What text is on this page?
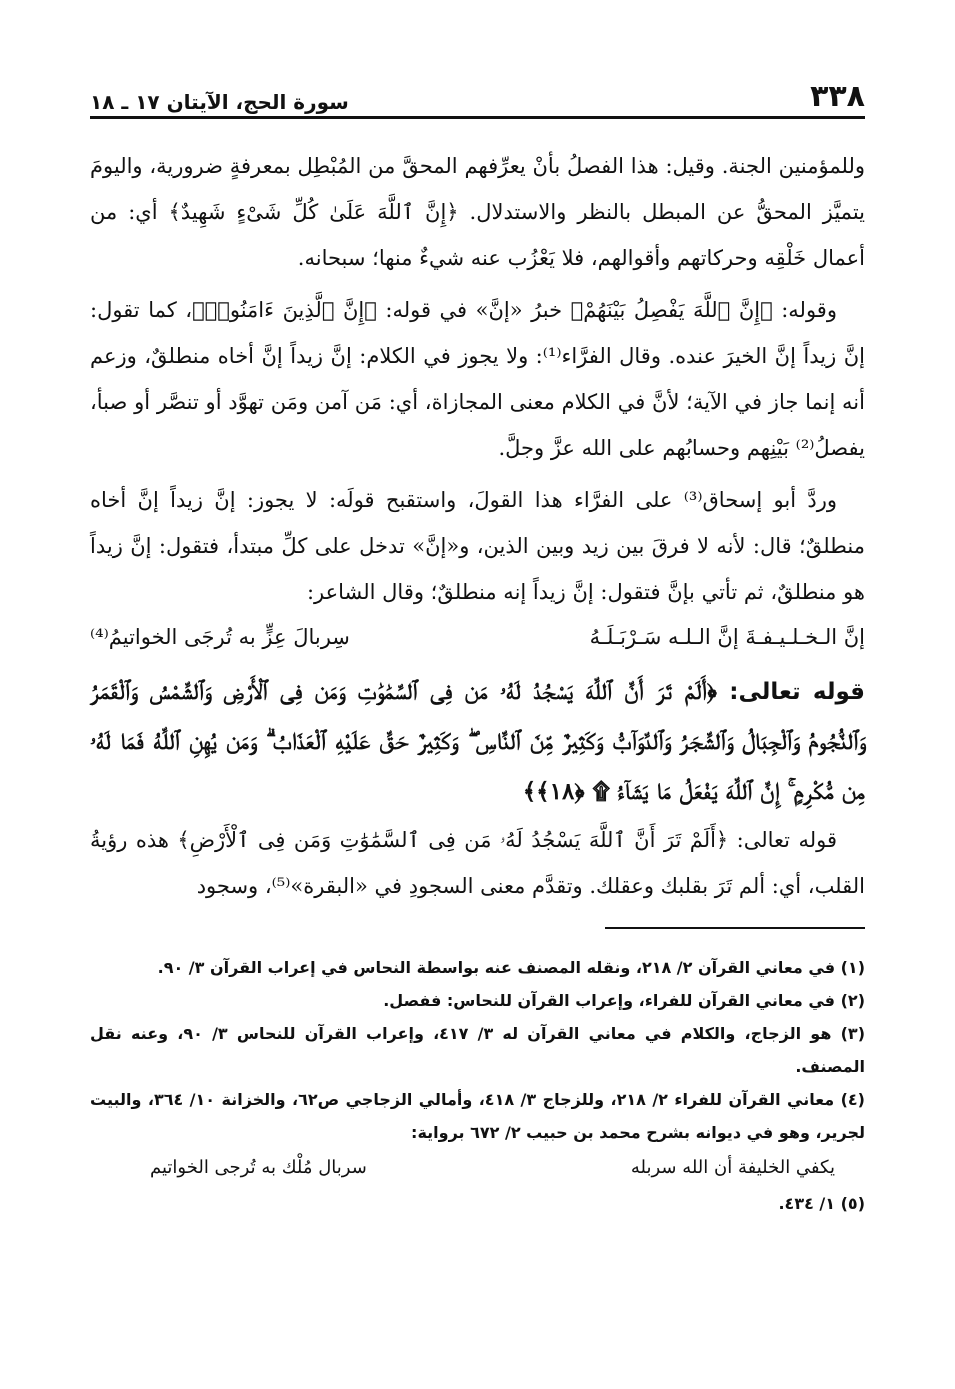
٣٣٨
سورة الحج، الآيتان ١٧ ـ ١٨

وللمؤمنين الجنة. وقيل: هذا الفصلُ بأنْ يعرِّفهم المحقَّ من المُبْطِل بمعرفةٍ ضرورية، واليومَ يتميَّز المحقُّ عن المبطل بالنظر والاستدلال. ﴿إِنَّ ٱللَّهَ عَلَىٰ كُلِّ شَىْءٍ شَهِيدٌ﴾ أي: من أعمال خَلْقِه وحركاتهم وأقوالهم، فلا يَعْزُب عنه شيءٌ منها؛ سبحانه.

وقوله: ﴿إِنَّ ٱللَّهَ يَفْصِلُ بَيْنَهُمْ﴾ خبرُ «إنَّ» في قوله: ﴿إِنَّ ٱلَّذِينَ ءَامَنُوا۟﴾، كما تقول: إنَّ زيداً إنَّ الخيرَ عنده. وقال الفرَّاء⁽¹⁾: ولا يجوز في الكلام: إنَّ زيداً إنَّ أخاه منطلقٌ، وزعم أنه إنما جاز في الآية؛ لأنَّ في الكلام معنى المجازاة، أي: مَن آمن ومَن تهوَّد أو تنصَّر أو صبأ، يفصلُ⁽²⁾ بَيْنِهم وحسابُهم على الله عزَّ وجلَّ.

وردَّ أبو إسحاق⁽³⁾ على الفرَّاء هذا القولَ، واستقبح قولَه: لا يجوز: إنَّ زيداً إنَّ أخاه منطلقٌ؛ قال: لأنه لا فرقَ بين زيد وبين الذين، و«إنَّ» تدخل على كلِّ مبتدأ، فتقول: إنَّ زيداً هو منطلقٌ، ثم تأتي بإنَّ فتقول: إنَّ زيداً إنه منطلقٌ؛ وقال الشاعر:

إنَّ الـخـلـيـفـةَ إنَّ الـلـه سَـرْبَـلَـهُ
سِربالَ عِزٍّ به تُرجَى الخواتيمُ⁽⁴⁾
قوله تعالى: ﴿أَلَمْ تَرَ أَنَّ ٱللَّهَ يَسْجُدُ لَهُۥ مَن فِى ٱلسَّمَٰوَٰتِ وَمَن فِى ٱلْأَرْضِ وَٱلشَّمْسُ وَٱلْقَمَرُ وَٱلنُّجُومُ وَٱلْجِبَالُ وَٱلشَّجَرُ وَٱلدَّوَآبُّ وَكَثِيرٌ مِّنَ ٱلنَّاسِ ۖ وَكَثِيرٌ حَقَّ عَلَيْهِ ٱلْعَذَابُ ۗ وَمَن يُهِنِ ٱللَّهُ فَمَا لَهُۥ مِن مُّكْرِمٍ ۚ إِنَّ ٱللَّهَ يَفْعَلُ مَا يَشَآءُ ۩ ﴿١٨﴾﴾

قوله تعالى: ﴿أَلَمْ تَرَ أَنَّ ٱللَّهَ يَسْجُدُ لَهُۥ مَن فِى ٱلسَّمَٰوَٰتِ وَمَن فِى ٱلْأَرْضِ﴾ هذه رؤيةُ القلب، أي: ألم تَرَ بقلبك وعقلك. وتقدَّم معنى السجودِ في «البقرة»⁽⁵⁾، وسجود

(١) في معاني القرآن ٢/ ٢١٨، ونقله المصنف عنه بواسطة النحاس في إعراب القرآن ٣/ ٩٠.

(٢) في معاني القرآن للفراء، وإعراب القرآن للنحاس: ففصل.

(٣) هو الزجاج، والكلام في معاني القرآن له ٣/ ٤١٧، وإعراب القرآن للنحاس ٣/ ٩٠، وعنه نقل المصنف.

(٤) معاني القرآن للفراء ٢/ ٢١٨، وللزجاج ٣/ ٤١٨، وأمالي الزجاجي ص٦٢، والخزانة ١٠/ ٣٦٤، والبيت لجرير، وهو في ديوانه بشرح محمد بن حبيب ٢/ ٦٧٢ برواية:

يكفي الخليفة أن الله سربله
سربال مُلْك به تُرجى الخواتيم

(٥) ١/ ٤٣٤.
